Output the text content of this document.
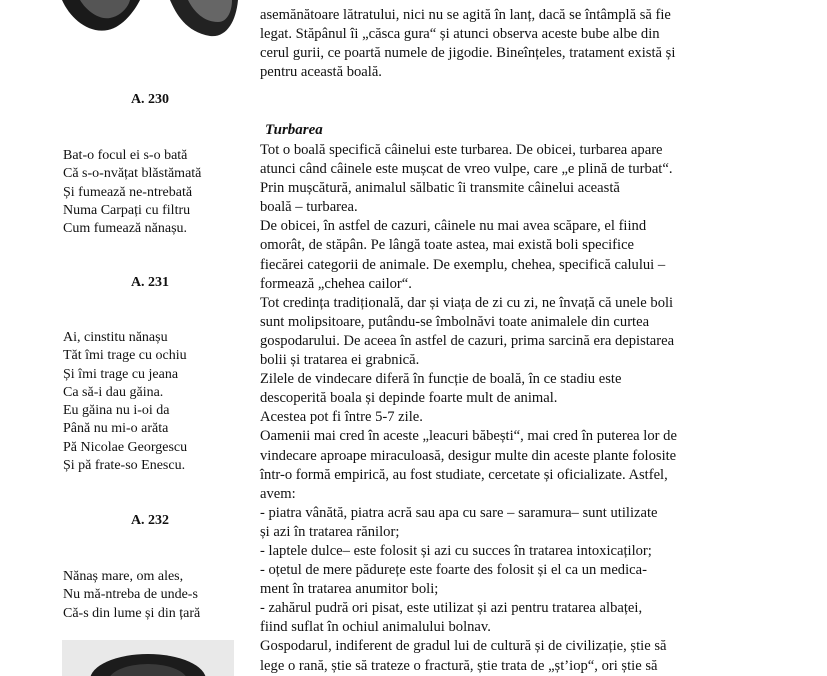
A. 230
Bat-o focul ei s-o bată
Că s-o-nvățat blăstămată
Și fumează ne-ntrebată
Numa Carpați cu filtru
Cum fumează nănașu.
A. 231
Ai, cinstitu nănașu
Tăt îmi trage cu ochiu
Și îmi trage cu jeana
Ca să-i dau găina.
Eu găina nu i-oi da
Până nu mi-o arăta
Pă Nicolae Georgescu
Și pă frate-so Enescu.
A. 232
Nănaș mare, om ales,
Nu mă-ntreba de unde-s
Că-s din lume și din țară
asemănătoare lătratului, nici nu se agită în lanț, dacă se întâmplă să fie
legat. Stăpânul îi „căsca gura“ și atunci observa aceste bube albe din
cerul gurii, ce poartă numele de jigodie. Bineînțeles, tratament există și
pentru această boală.
Turbarea
Tot o boală specifică câinelui este turbarea. De obicei, turbarea apare
atunci când câinele este mușcat de vreo vulpe, care „e plină de turbat“.
Prin mușcătură, animalul sălbatic îi transmite câinelui această
boală – turbarea.
De obicei, în astfel de cazuri, câinele nu mai avea scăpare, el fiind
omorât, de stăpân. Pe lângă toate astea, mai există boli specifice
fiecărei categorii de animale. De exemplu, chehea, specifică calului –
formează „chehea cailor“.
Tot credința tradițională, dar și viața de zi cu zi, ne învață că unele boli
sunt molipsitoare, putându-se îmbolnăvi toate animalele din curtea
gospodarului. De aceea în astfel de cazuri, prima sarcină era depistarea
bolii și tratarea ei grabnică.
Zilele de vindecare diferă în funcție de boală, în ce stadiu este
descoperită boala și depinde foarte mult de animal.
Acestea pot fi între 5-7 zile.
Oamenii mai cred în aceste „leacuri băbești“, mai cred în puterea lor de
vindecare aproape miraculoasă, desigur multe din aceste plante folosite
într-o formă empirică, au fost studiate, cercetate și oficializate. Astfel,
avem:
- piatra vânătă, piatra acră sau apa cu sare – saramura– sunt utilizate
și azi în tratarea rănilor;
- laptele dulce– este folosit și azi cu succes în tratarea intoxicaților;
- oțetul de mere pădurețe este foarte des folosit și el ca un medica-
ment în tratarea anumitor boli;
- zahărul pudră ori pisat, este utilizat și azi pentru tratarea albaței,
fiind suflat în ochiul animalului bolnav.
Gospodarul, indiferent de gradul lui de cultură și de civilizație, știe să
lege o rană, știe să trateze o fractură, știe trata de „șt’iop“, ori știe să
